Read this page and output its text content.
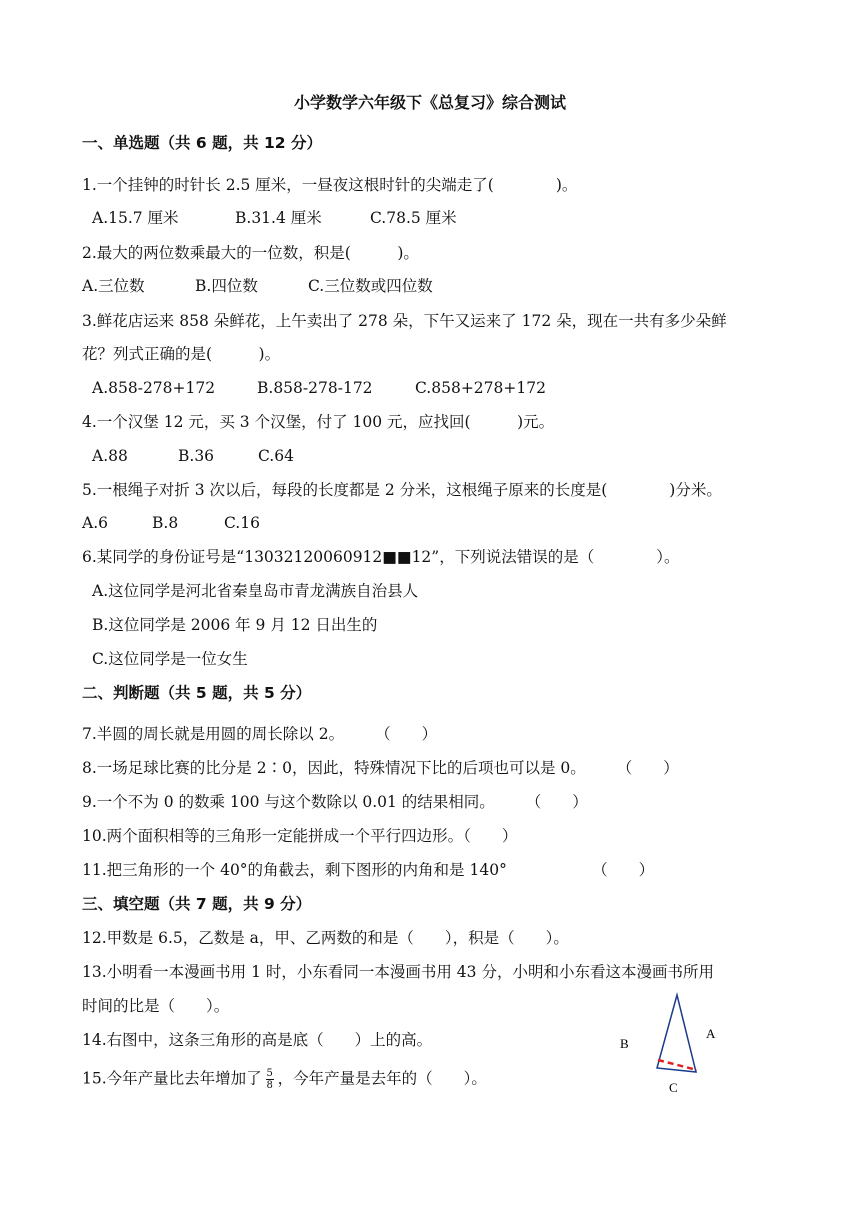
小学数学六年级下《总复习》综合测试
一、单选题（共 6 题，共 12 分）
1.一个挂钟的时针长 2.5 厘米，一昼夜这根时针的尖端走了(　　　　)。
A.15.7 厘米	B.31.4 厘米	C.78.5 厘米
2.最大的两位数乘最大的一位数，积是(　　　)。
A.三位数	B.四位数	C.三位数或四位数
3.鲜花店运来 858 朵鲜花，上午卖出了 278 朵，下午又运来了 172 朵，现在一共有多少朵鲜
花？列式正确的是(　　　)。
A.858-278+172	B.858-278-172	C.858+278+172
4.一个汉堡 12 元，买 3 个汉堡，付了 100 元，应找回(　　　)元。
A.88	B.36	C.64
5.一根绳子对折 3 次以后，每段的长度都是 2 分米，这根绳子原来的长度是(　　　　)分米。
A.6	B.8	C.16
6.某同学的身份证号是“13032120060912■■12”，下列说法错误的是（　　　　）。
A.这位同学是河北省秦皇岛市青龙满族自治县人
B.这位同学是 2006 年 9 月 12 日出生的
C.这位同学是一位女生
二、判断题（共 5 题，共 5 分）
7.半圆的周长就是用圆的周长除以 2。　　　（　　）
8.一场足球比赛的比分是 2∶0，因此，特殊情况下比的后项也可以是 0。　　　（　　）
9.一个不为 0 的数乘 100 与这个数除以 0.01 的结果相同。　　　（　　）
10.两个面积相等的三角形一定能拼成一个平行四边形。（　　）
11.把三角形的一个 40°的角截去，剩下图形的内角和是 140°　　　　　　（　　）
三、填空题（共 7 题，共 9 分）
12.甲数是 6.5，乙数是 a，甲、乙两数的和是（　　），积是（　　）。
13.小明看一本漫画书用 1 时，小东看同一本漫画书用 43 分，小明和小东看这本漫画书所用
时间的比是（　　）。
14.右图中，这条三角形的高是底（　　）上的高。
15.今年产量比去年增加了 $\frac{5}{8}$ ，今年产量是去年的（　　）。
A
B
C
